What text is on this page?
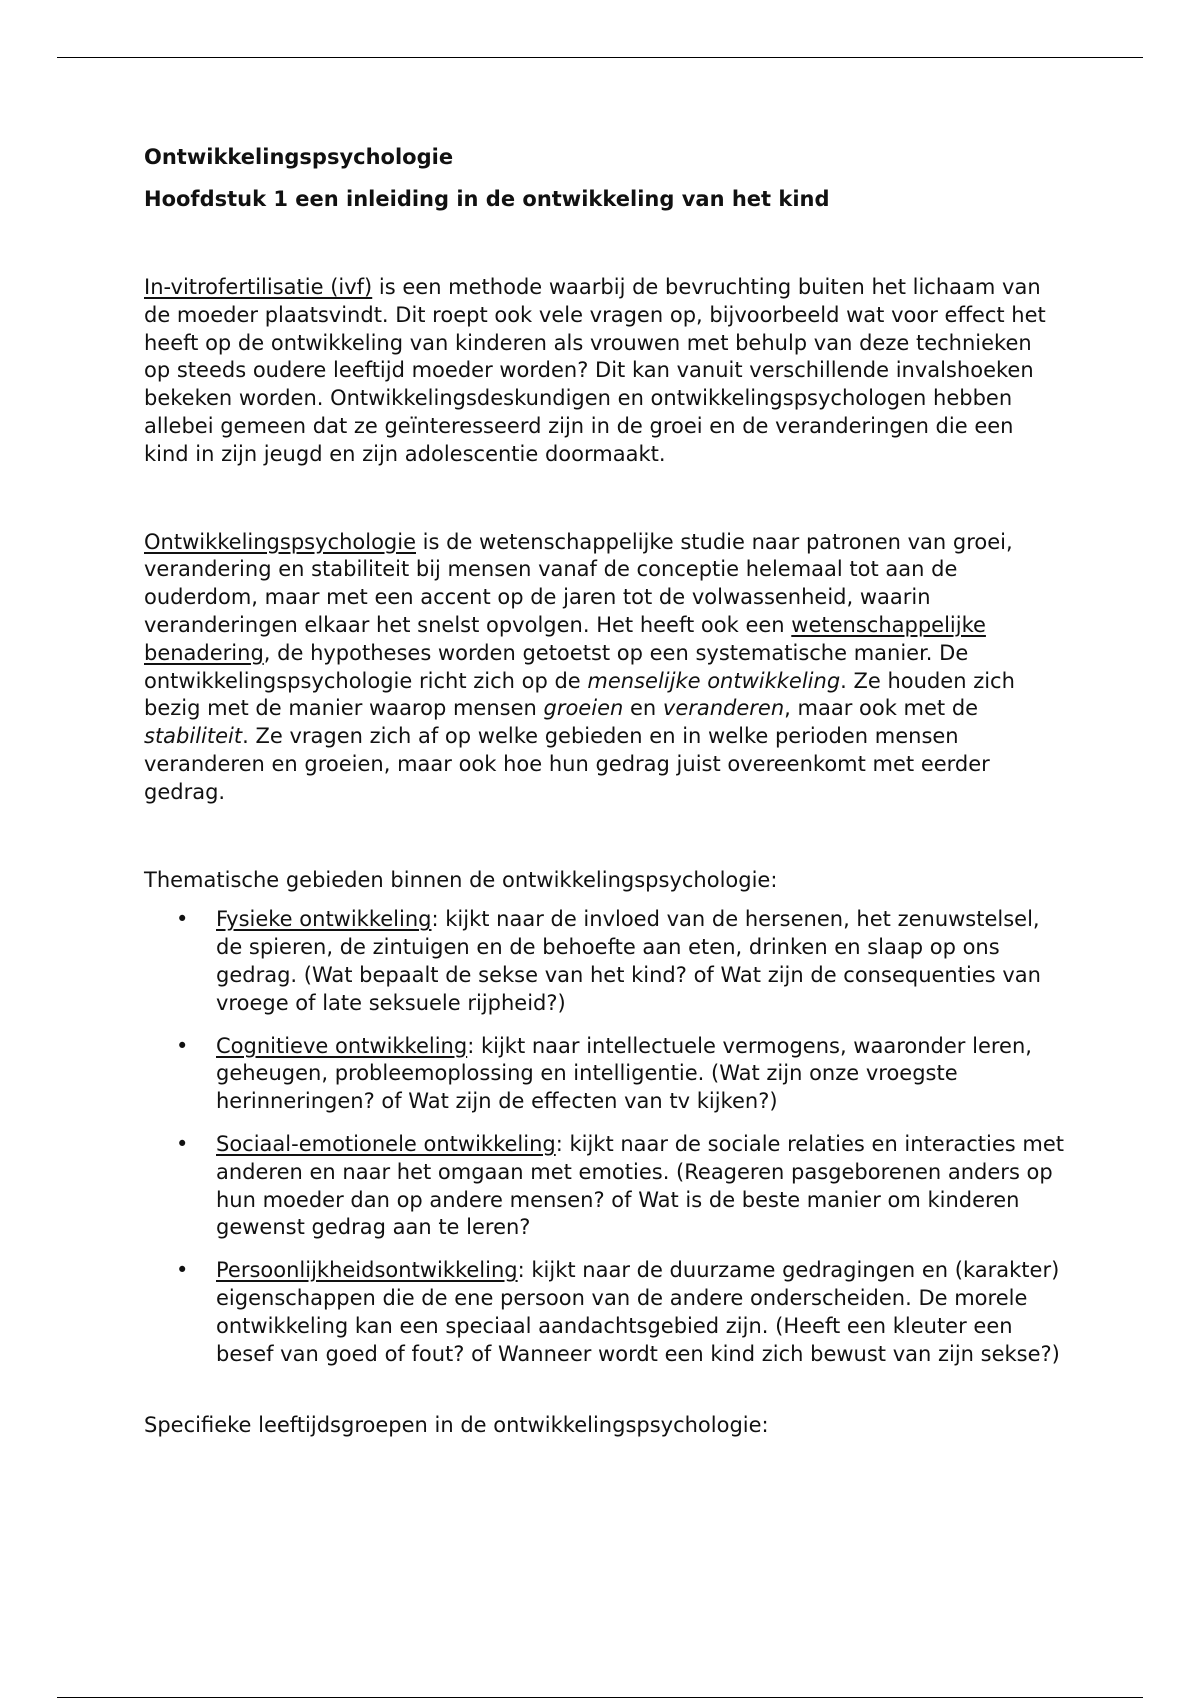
Ontwikkelingspsychologie
Hoofdstuk 1 een inleiding in de ontwikkeling van het kind

In-vitrofertilisatie (ivf) is een methode waarbij de bevruchting buiten het lichaam van de moeder plaatsvindt. Dit roept ook vele vragen op, bijvoorbeeld wat voor effect het heeft op de ontwikkeling van kinderen als vrouwen met behulp van deze technieken op steeds oudere leeftijd moeder worden? Dit kan vanuit verschillende invalshoeken bekeken worden. Ontwikkelingsdeskundigen en ontwikkelingspsychologen hebben allebei gemeen dat ze geïnteresseerd zijn in de groei en de veranderingen die een kind in zijn jeugd en zijn adolescentie doormaakt.

Ontwikkelingspsychologie is de wetenschappelijke studie naar patronen van groei, verandering en stabiliteit bij mensen vanaf de conceptie helemaal tot aan de ouderdom, maar met een accent op de jaren tot de volwassenheid, waarin veranderingen elkaar het snelst opvolgen. Het heeft ook een wetenschappelijke benadering, de hypotheses worden getoetst op een systematische manier. De ontwikkelingspsychologie richt zich op de menselijke ontwikkeling. Ze houden zich bezig met de manier waarop mensen groeien en veranderen, maar ook met de stabiliteit. Ze vragen zich af op welke gebieden en in welke perioden mensen veranderen en groeien, maar ook hoe hun gedrag juist overeenkomt met eerder gedrag.

Thematische gebieden binnen de ontwikkelingspsychologie:

• Fysieke ontwikkeling: kijkt naar de invloed van de hersenen, het zenuwstelsel, de spieren, de zintuigen en de behoefte aan eten, drinken en slaap op ons gedrag. (Wat bepaalt de sekse van het kind? of Wat zijn de consequenties van vroege of late seksuele rijpheid?)
• Cognitieve ontwikkeling: kijkt naar intellectuele vermogens, waaronder leren, geheugen, probleemoplossing en intelligentie. (Wat zijn onze vroegste herinneringen? of Wat zijn de effecten van tv kijken?)
• Sociaal-emotionele ontwikkeling: kijkt naar de sociale relaties en interacties met anderen en naar het omgaan met emoties. (Reageren pasgeborenen anders op hun moeder dan op andere mensen? of Wat is de beste manier om kinderen gewenst gedrag aan te leren?
• Persoonlijkheidsontwikkeling: kijkt naar de duurzame gedragingen en (karakter) eigenschappen die de ene persoon van de andere onderscheiden. De morele ontwikkeling kan een speciaal aandachtsgebied zijn. (Heeft een kleuter een besef van goed of fout? of Wanneer wordt een kind zich bewust van zijn sekse?)

Specifieke leeftijdsgroepen in de ontwikkelingspsychologie:
